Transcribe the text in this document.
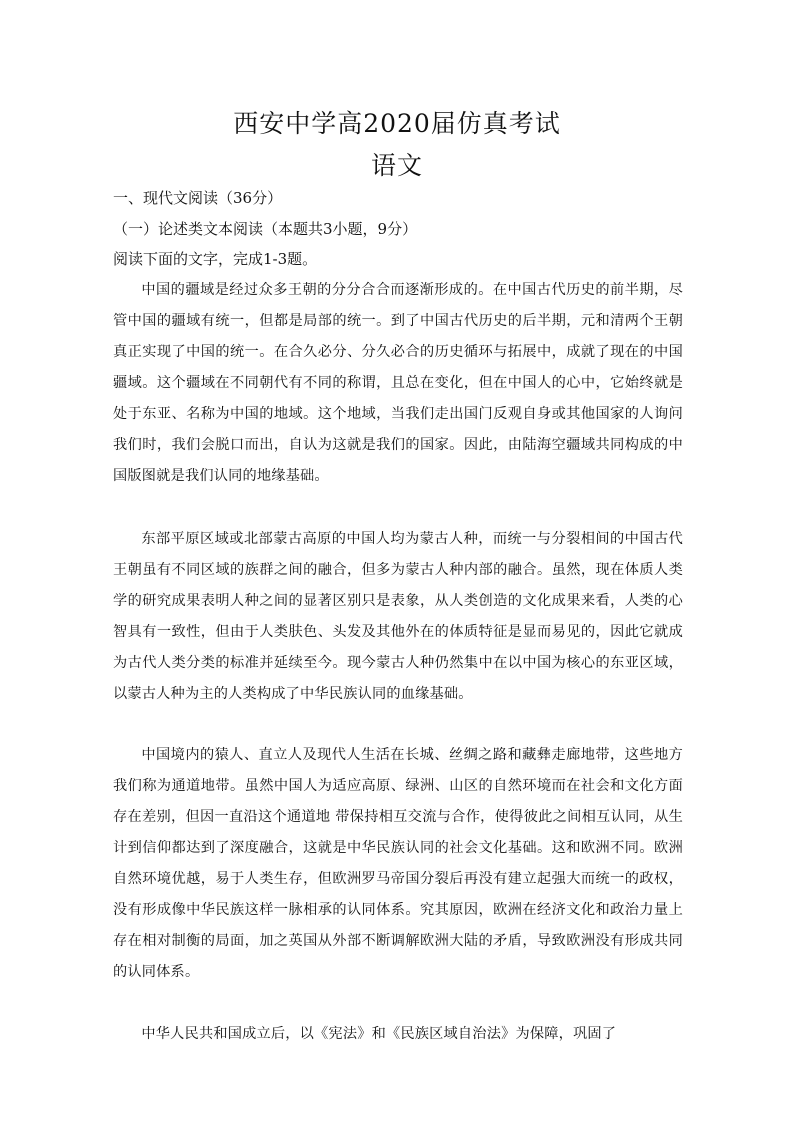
西安中学高2020届仿真考试
语文
一、现代文阅读（36分）
（一）论述类文本阅读（本题共3小题，9分）
阅读下面的文字，完成1-3题。

中国的疆域是经过众多王朝的分分合合而逐渐形成的。在中国古代历史的前半期，尽管中国的疆域有统一，但都是局部的统一。到了中国古代历史的后半期，元和清两个王朝真正实现了中国的统一。在合久必分、分久必合的历史循环与拓展中，成就了现在的中国疆域。这个疆域在不同朝代有不同的称谓，且总在变化，但在中国人的心中，它始终就是处于东亚、名称为中国的地域。这个地域，当我们走出国门反观自身或其他国家的人询问我们时，我们会脱口而出，自认为这就是我们的国家。因此，由陆海空疆域共同构成的中国版图就是我们认同的地缘基础。

东部平原区域或北部蒙古高原的中国人均为蒙古人种，而统一与分裂相间的中国古代王朝虽有不同区域的族群之间的融合，但多为蒙古人种内部的融合。虽然，现在体质人类学的研究成果表明人种之间的显著区别只是表象，从人类创造的文化成果来看，人类的心智具有一致性，但由于人类肤色、头发及其他外在的体质特征是显而易见的，因此它就成为古代人类分类的标准并延续至今。现今蒙古人种仍然集中在以中国为核心的东亚区域，以蒙古人种为主的人类构成了中华民族认同的血缘基础。

中国境内的猿人、直立人及现代人生活在长城、丝绸之路和藏彝走廊地带，这些地方我们称为通道地带。虽然中国人为适应高原、绿洲、山区的自然环境而在社会和文化方面存在差别，但因一直沿这个通道地 带保持相互交流与合作，使得彼此之间相互认同，从生计到信仰都达到了深度融合，这就是中华民族认同的社会文化基础。这和欧洲不同。欧洲自然环境优越，易于人类生存，但欧洲罗马帝国分裂后再没有建立起强大而统一的政权，没有形成像中华民族这样一脉相承的认同体系。究其原因，欧洲在经济文化和政治力量上存在相对制衡的局面，加之英国从外部不断调解欧洲大陆的矛盾，导致欧洲没有形成共同的认同体系。

中华人民共和国成立后，以《宪法》和《民族区域自治法》为保障，巩固了
